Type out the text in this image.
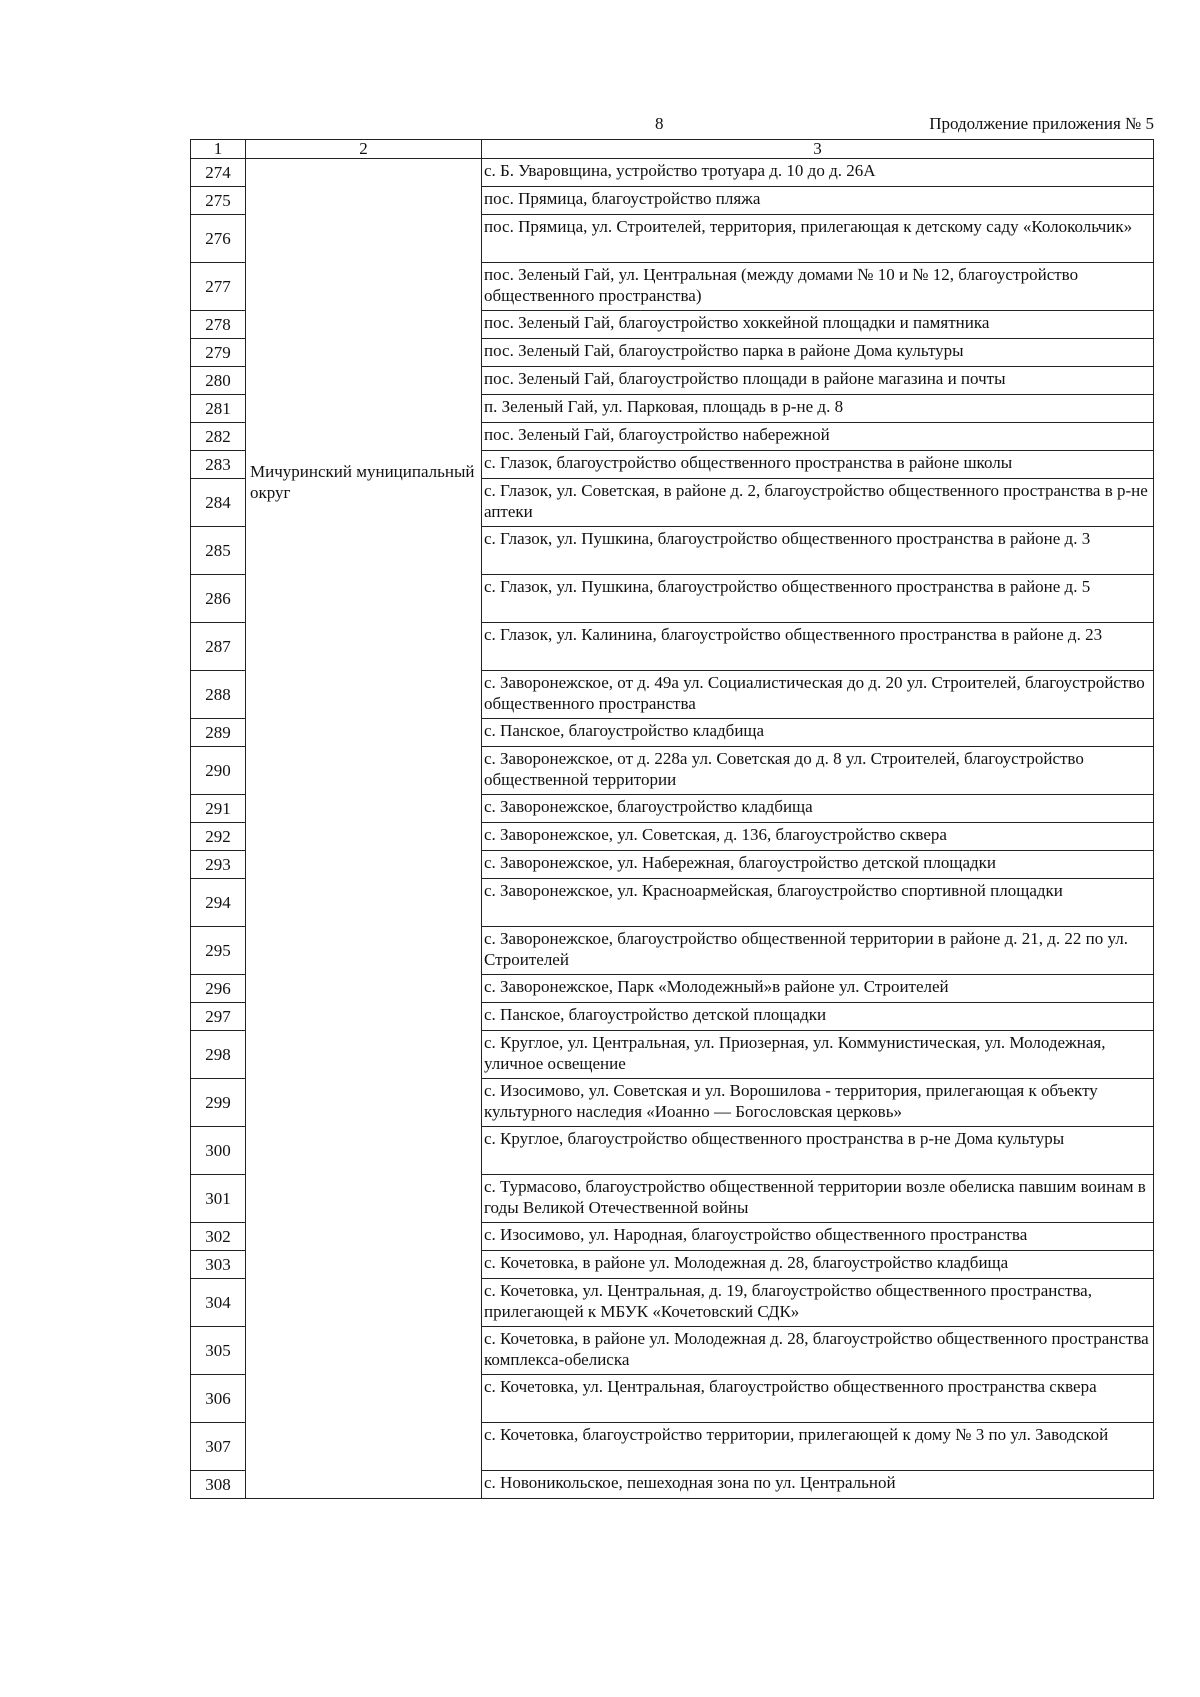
8	Продолжение приложения № 5
1	2	3
274	Мичуринский муниципальный округ	с. Б. Уваровщина, устройство тротуара д. 10 до д. 26А
275		пос. Прямица, благоустройство пляжа
276		пос. Прямица, ул. Строителей, территория, прилегающая к детскому саду «Колокольчик»
277		пос. Зеленый Гай, ул. Центральная (между домами № 10 и № 12, благоустройство общественного пространства)
278		пос. Зеленый Гай, благоустройство хоккейной площадки и памятника
279		пос. Зеленый Гай, благоустройство парка в районе Дома культуры
280		пос. Зеленый Гай, благоустройство площади в районе магазина и почты
281		п. Зеленый Гай, ул. Парковая, площадь в р-не д. 8
282		пос. Зеленый Гай, благоустройство набережной
283		с. Глазок, благоустройство общественного пространства в районе школы
284		с. Глазок, ул. Советская, в районе д. 2, благоустройство общественного пространства в р-не аптеки
285		с. Глазок, ул. Пушкина, благоустройство общественного пространства в районе д. 3
286		с. Глазок, ул. Пушкина, благоустройство общественного пространства в районе д. 5
287		с. Глазок, ул. Калинина, благоустройство общественного пространства в районе д. 23
288		с. Заворонежское, от д. 49а ул. Социалистическая до д. 20 ул. Строителей, благоустройство общественного пространства
289		с. Панское, благоустройство кладбища
290		с. Заворонежское, от д. 228а ул. Советская до д. 8 ул. Строителей, благоустройство общественной территории
291		с. Заворонежское, благоустройство кладбища
292		с. Заворонежское, ул. Советская, д. 136, благоустройство сквера
293		с. Заворонежское, ул. Набережная, благоустройство детской площадки
294		с. Заворонежское, ул. Красноармейская, благоустройство спортивной площадки
295		с. Заворонежское, благоустройство общественной территории в районе д. 21, д. 22 по ул. Строителей
296		с. Заворонежское, Парк «Молодежный»в районе ул. Строителей
297		с. Панское, благоустройство детской площадки
298		с. Круглое, ул. Центральная, ул. Приозерная, ул. Коммунистическая, ул. Молодежная, уличное освещение
299		с. Изосимово, ул. Советская и ул. Ворошилова - территория, прилегающая к объекту культурного наследия «Иоанно — Богословская церковь»
300		с. Круглое, благоустройство общественного пространства в р-не Дома культуры
301		с. Турмасово, благоустройство общественной территории возле обелиска павшим воинам в годы Великой Отечественной войны
302		с. Изосимово, ул. Народная, благоустройство общественного пространства
303		с. Кочетовка, в районе ул. Молодежная д. 28, благоустройство кладбища
304		с. Кочетовка, ул. Центральная, д. 19, благоустройство общественного пространства, прилегающей к МБУК «Кочетовский СДК»
305		с. Кочетовка, в районе ул. Молодежная д. 28, благоустройство общественного пространства комплекса-обелиска
306		с. Кочетовка, ул. Центральная, благоустройство общественного пространства сквера
307		с. Кочетовка, благоустройство территории, прилегающей к дому № 3 по ул. Заводской
308		с. Новоникольское, пешеходная зона по ул. Центральной
